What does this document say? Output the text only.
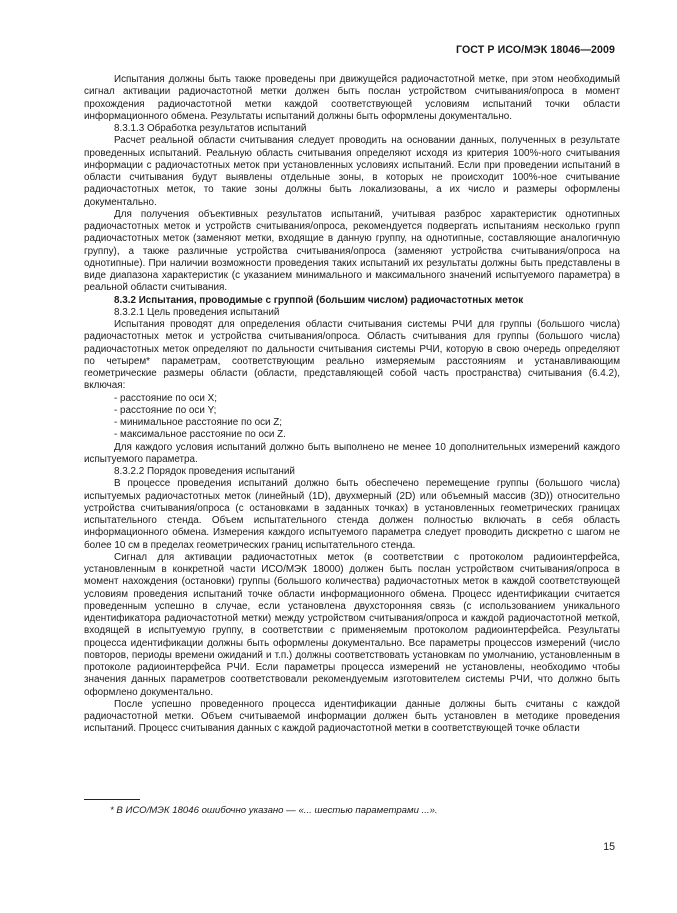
ГОСТ Р ИСО/МЭК 18046—2009

Испытания должны быть также проведены при движущейся радиочастотной метке, при этом необходимый сигнал активации радиочастотной метки должен быть послан устройством считывания/опроса в момент прохождения радиочастотной метки каждой соответствующей условиям испытаний точки области информационного обмена. Результаты испытаний должны быть оформлены документально.

8.3.1.3 Обработка результатов испытаний

Расчет реальной области считывания следует проводить на основании данных, полученных в результате проведенных испытаний. Реальную область считывания определяют исходя из критерия 100%-ного считывания информации с радиочастотных меток при установленных условиях испытаний. Если при проведении испытаний в области считывания будут выявлены отдельные зоны, в которых не происходит 100%-ное считывание радиочастотных меток, то такие зоны должны быть локализованы, а их число и размеры оформлены документально.

Для получения объективных результатов испытаний, учитывая разброс характеристик однотипных радиочастотных меток и устройств считывания/опроса, рекомендуется подвергать испытаниям несколько групп радиочастотных меток (заменяют метки, входящие в данную группу, на однотипные, составляющие аналогичную группу), а также различные устройства считывания/опроса (заменяют устройства считывания/опроса на однотипные). При наличии возможности проведения таких испытаний их результаты должны быть представлены в виде диапазона характеристик (с указанием минимального и максимального значений испытуемого параметра) в реальной области считывания.

8.3.2 Испытания, проводимые с группой (большим числом) радиочастотных меток

8.3.2.1 Цель проведения испытаний

Испытания проводят для определения области считывания системы РЧИ для группы (большого числа) радиочастотных меток и устройства считывания/опроса. Область считывания для группы (большого числа) радиочастотных меток определяют по дальности считывания системы РЧИ, которую в свою очередь определяют по четырем* параметрам, соответствующим реально измеряемым расстояниям и устанавливающим геометрические размеры области (области, представляющей собой часть пространства) считывания (6.4.2), включая:

- расстояние по оси X;

- расстояние по оси Y;

- минимальное расстояние по оси Z;

- максимальное расстояние по оси Z.

Для каждого условия испытаний должно быть выполнено не менее 10 дополнительных измерений каждого испытуемого параметра.

8.3.2.2 Порядок проведения испытаний

В процессе проведения испытаний должно быть обеспечено перемещение группы (большого числа) испытуемых радиочастотных меток (линейный (1D), двухмерный (2D) или объемный массив (3D)) относительно устройства считывания/опроса (с остановками в заданных точках) в установленных геометрических границах испытательного стенда. Объем испытательного стенда должен полностью включать в себя область информационного обмена. Измерения каждого испытуемого параметра следует проводить дискретно с шагом не более 10 см в пределах геометрических границ испытательного стенда.

Сигнал для активации радиочастотных меток (в соответствии с протоколом радиоинтерфейса, установленным в конкретной части ИСО/МЭК 18000) должен быть послан устройством считывания/опроса в момент нахождения (остановки) группы (большого количества) радиочастотных меток в каждой соответствующей условиям проведения испытаний точке области информационного обмена. Процесс идентификации считается проведенным успешно в случае, если установлена двухсторонняя связь (с использованием уникального идентификатора радиочастотной метки) между устройством считывания/опроса и каждой радиочастотной меткой, входящей в испытуемую группу, в соответствии с применяемым протоколом радиоинтерфейса. Результаты процесса идентификации должны быть оформлены документально. Все параметры процессов измерений (число повторов, периоды времени ожиданий и т.п.) должны соответствовать установкам по умолчанию, установленным в протоколе радиоинтерфейса РЧИ. Если параметры процесса измерений не установлены, необходимо чтобы значения данных параметров соответствовали рекомендуемым изготовителем системы РЧИ, что должно быть оформлено документально.

После успешно проведенного процесса идентификации данные должны быть считаны с каждой радиочастотной метки. Объем считываемой информации должен быть установлен в методике проведения испытаний. Процесс считывания данных с каждой радиочастотной метки в соответствующей точке области

* В ИСО/МЭК 18046 ошибочно указано — «... шестью параметрами ...».
15
